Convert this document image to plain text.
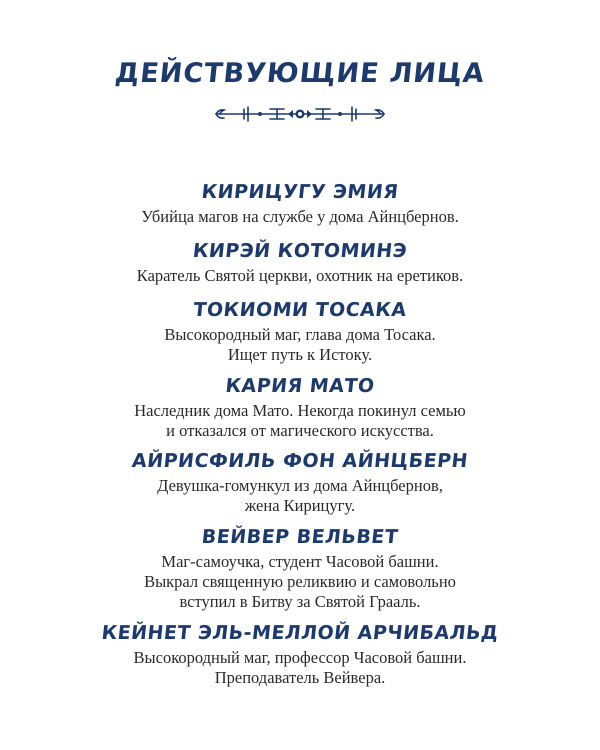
ДЕЙСТВУЮЩИЕ ЛИЦА
КИРИЦУГУ ЭМИЯ
Убийца магов на службе у дома Айнцбернов.
КИРЭЙ КОТОМИНЭ
Каратель Святой церкви, охотник на еретиков.
ТОКИОМИ ТОСАКА
Высокородный маг, глава дома Тосака.
Ищет путь к Истоку.
КАРИЯ МАТО
Наследник дома Мато. Некогда покинул семью
и отказался от магического искусства.
АЙРИСФИЛЬ ФОН АЙНЦБЕРН
Девушка-гомункул из дома Айнцбернов,
жена Кирицугу.
ВЕЙВЕР ВЕЛЬВЕТ
Маг-самоучка, студент Часовой башни.
Выкрал священную реликвию и самовольно
вступил в Битву за Святой Грааль.
КЕЙНЕТ ЭЛЬ-МЕЛЛОЙ АРЧИБАЛЬД
Высокородный маг, профессор Часовой башни.
Преподаватель Вейвера.
